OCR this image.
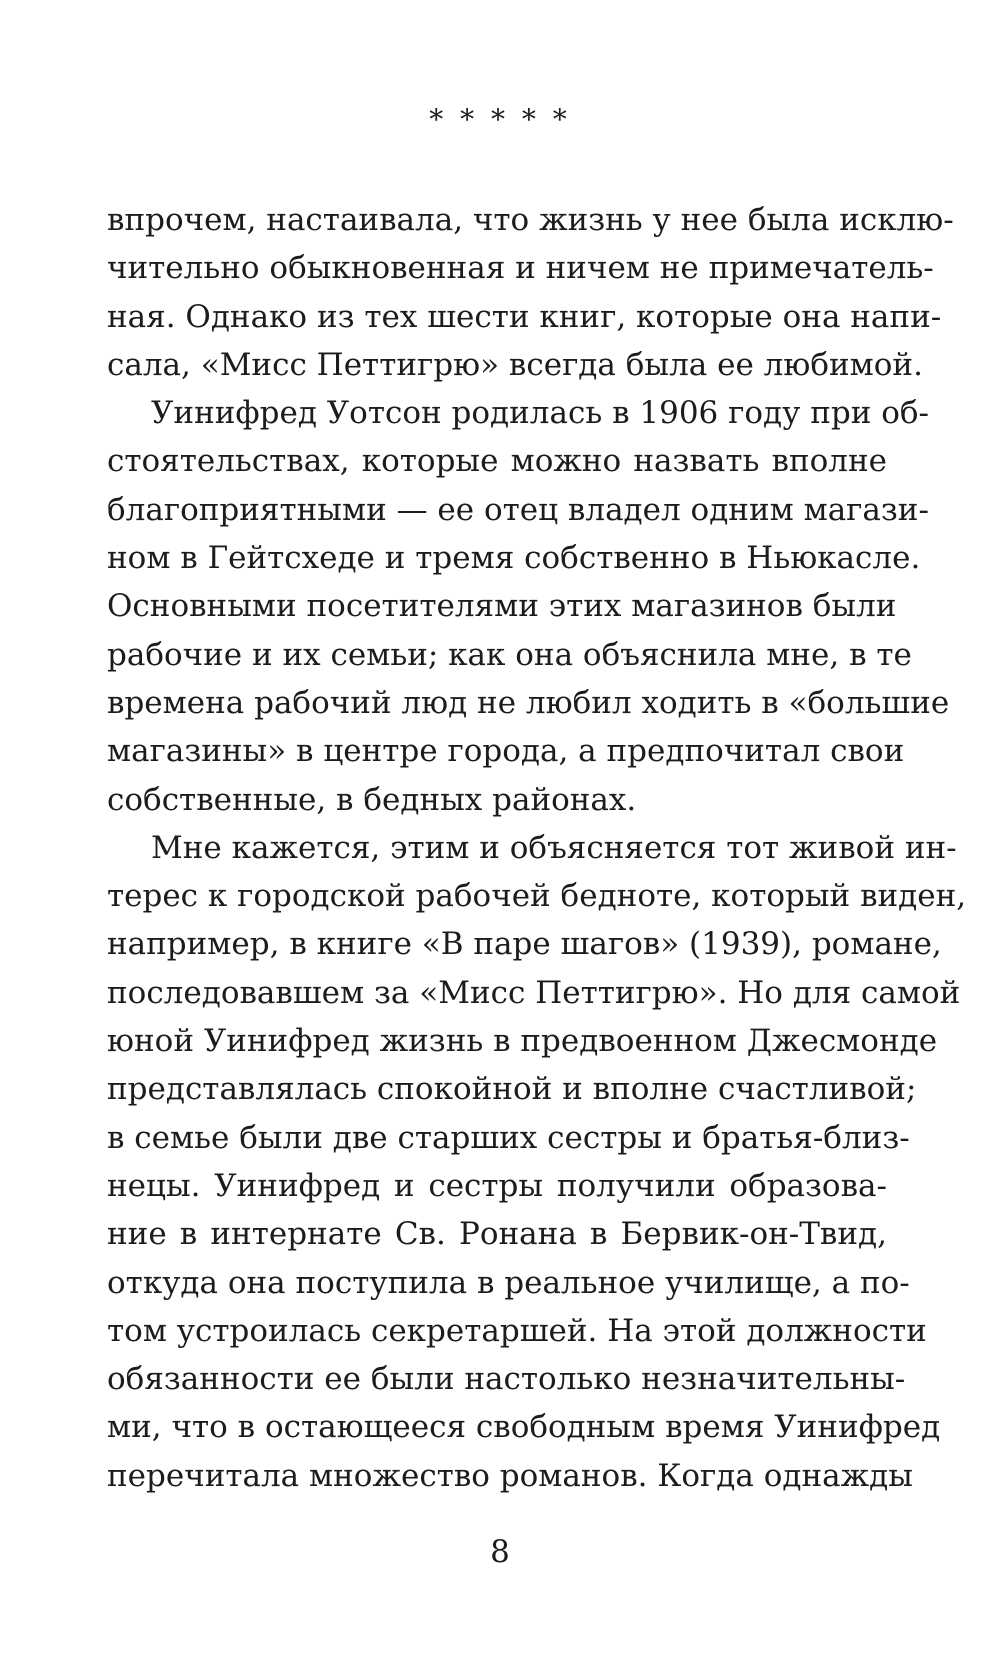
* * * * *
впрочем, настаивала, что жизнь у нее была исклю-
чительно обыкновенная и ничем не примечатель-
ная. Однако из тех шести книг, которые она напи-
сала, «Мисс Петтигрю» всегда была ее любимой.
Уинифред Уотсон родилась в 1906 году при об-
стоятельствах, которые можно назвать вполне
благоприятными — ее отец владел одним магази-
ном в Гейтсхеде и тремя собственно в Ньюкасле.
Основными посетителями этих магазинов были
рабочие и их семьи; как она объяснила мне, в те
времена рабочий люд не любил ходить в «большие
магазины» в центре города, а предпочитал свои
собственные, в бедных районах.
Мне кажется, этим и объясняется тот живой ин-
терес к городской рабочей бедноте, который виден,
например, в книге «В паре шагов» (1939), романе,
последовавшем за «Мисс Петтигрю». Но для самой
юной Уинифред жизнь в предвоенном Джесмонде
представлялась спокойной и вполне счастливой;
в семье были две старших сестры и братья-близ-
нецы. Уинифред и сестры получили образова-
ние в интернате Св. Ронана в Бервик-он-Твид,
откуда она поступила в реальное училище, а по-
том устроилась секретаршей. На этой должности
обязанности ее были настолько незначительны-
ми, что в остающееся свободным время Уинифред
перечитала множество романов. Когда однажды
8
